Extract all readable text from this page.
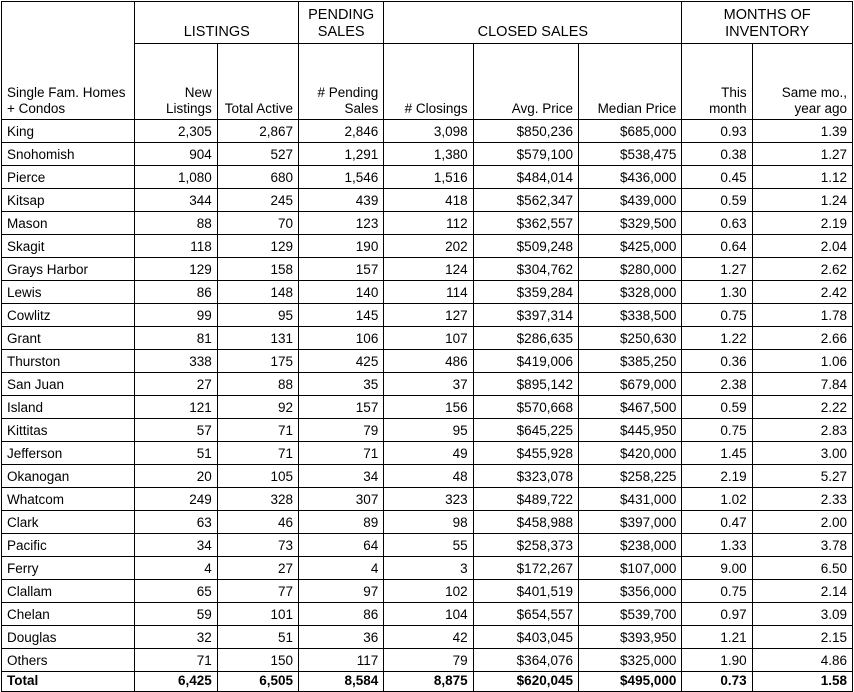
Single Fam. Homes + Condos	LISTINGS		PENDING SALES	CLOSED SALES			MONTHS OF INVENTORY	
	New Listings	Total Active	# Pending Sales	# Closings	Avg. Price	Median Price	This month	Same mo., year ago
King	2,305	2,867	2,846	3,098	$850,236	$685,000	0.93	1.39
Snohomish	904	527	1,291	1,380	$579,100	$538,475	0.38	1.27
Pierce	1,080	680	1,546	1,516	$484,014	$436,000	0.45	1.12
Kitsap	344	245	439	418	$562,347	$439,000	0.59	1.24
Mason	88	70	123	112	$362,557	$329,500	0.63	2.19
Skagit	118	129	190	202	$509,248	$425,000	0.64	2.04
Grays Harbor	129	158	157	124	$304,762	$280,000	1.27	2.62
Lewis	86	148	140	114	$359,284	$328,000	1.30	2.42
Cowlitz	99	95	145	127	$397,314	$338,500	0.75	1.78
Grant	81	131	106	107	$286,635	$250,630	1.22	2.66
Thurston	338	175	425	486	$419,006	$385,250	0.36	1.06
San Juan	27	88	35	37	$895,142	$679,000	2.38	7.84
Island	121	92	157	156	$570,668	$467,500	0.59	2.22
Kittitas	57	71	79	95	$645,225	$445,950	0.75	2.83
Jefferson	51	71	71	49	$455,928	$420,000	1.45	3.00
Okanogan	20	105	34	48	$323,078	$258,225	2.19	5.27
Whatcom	249	328	307	323	$489,722	$431,000	1.02	2.33
Clark	63	46	89	98	$458,988	$397,000	0.47	2.00
Pacific	34	73	64	55	$258,373	$238,000	1.33	3.78
Ferry	4	27	4	3	$172,267	$107,000	9.00	6.50
Clallam	65	77	97	102	$401,519	$356,000	0.75	2.14
Chelan	59	101	86	104	$654,557	$539,700	0.97	3.09
Douglas	32	51	36	42	$403,045	$393,950	1.21	2.15
Others	71	150	117	79	$364,076	$325,000	1.90	4.86
Total	6,425	6,505	8,584	8,875	$620,045	$495,000	0.73	1.58
